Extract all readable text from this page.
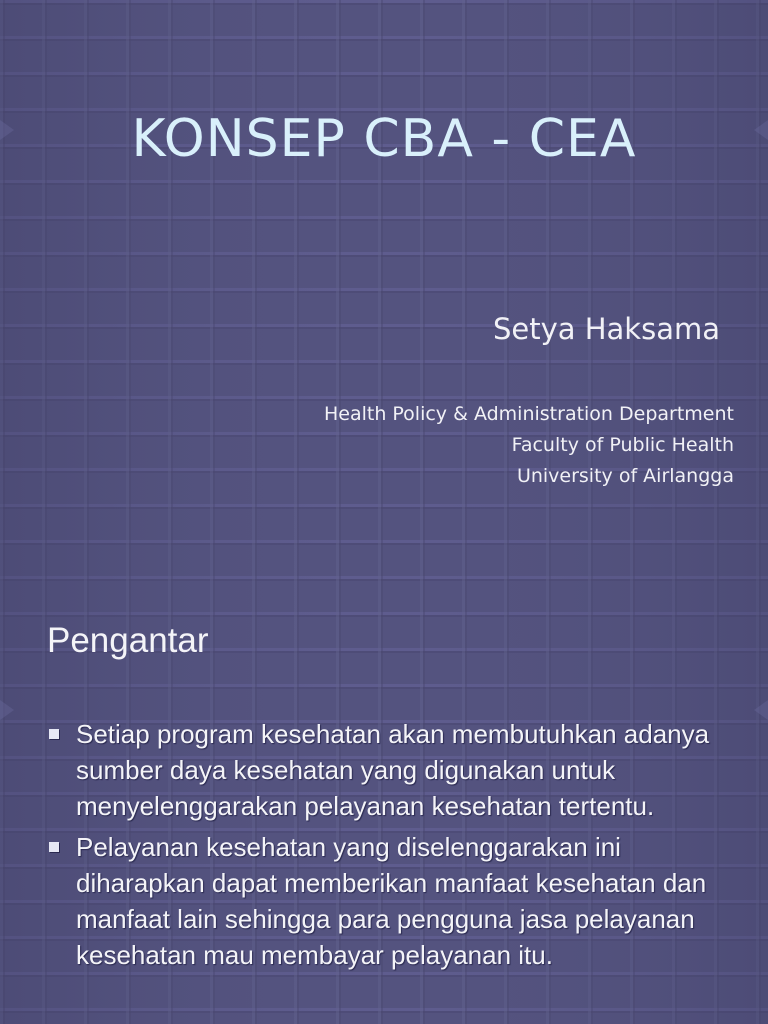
KONSEP CBA - CEA
Setya Haksama
Health Policy & Administration Department
Faculty of Public Health
University of Airlangga
Pengantar
Setiap program kesehatan akan membutuhkan adanya sumber daya kesehatan yang digunakan untuk menyelenggarakan pelayanan kesehatan tertentu.
Pelayanan kesehatan yang diselenggarakan ini diharapkan dapat memberikan manfaat kesehatan dan manfaat lain sehingga para pengguna jasa pelayanan kesehatan mau membayar pelayanan itu.
